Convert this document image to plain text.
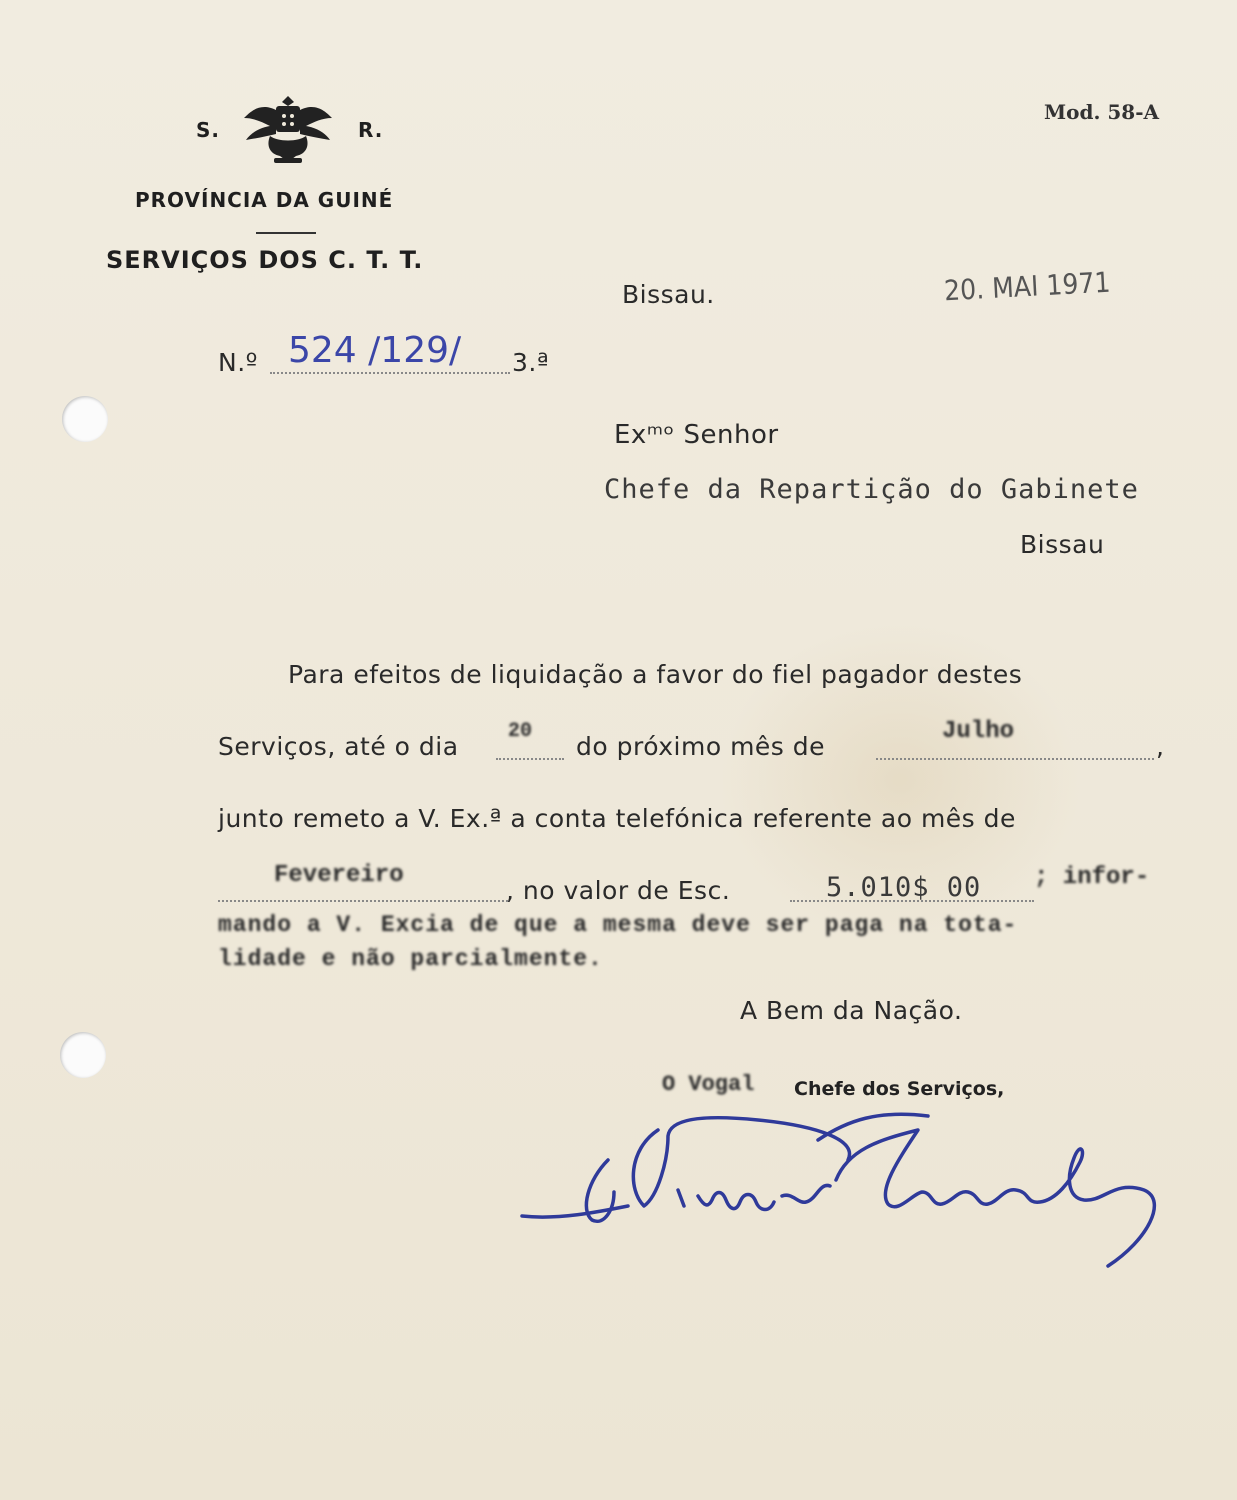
S.	R.
PROVÍNCIA DA GUINÉ
SERVIÇOS DOS C. T. T.
Mod. 58-A
Bissau.	20. MAI 1971
N.º 524 /129/ 3.ª
Exᵐᵒ Senhor
Chefe da Repartição do Gabinete
Bissau
Para efeitos de liquidação a favor do fiel pagador destes
Serviços, até o dia
20
do próximo mês de
Julho
,
junto remeto a V. Ex.ª a conta telefónica referente ao mês de
Fevereiro
, no valor de Esc.	5.010$ 00 ; infor-
mando a V. Excia de que a mesma deve ser paga na tota-
lidade e não parcialmente.
A Bem da Nação.
O Vogal Chefe dos Serviços,
